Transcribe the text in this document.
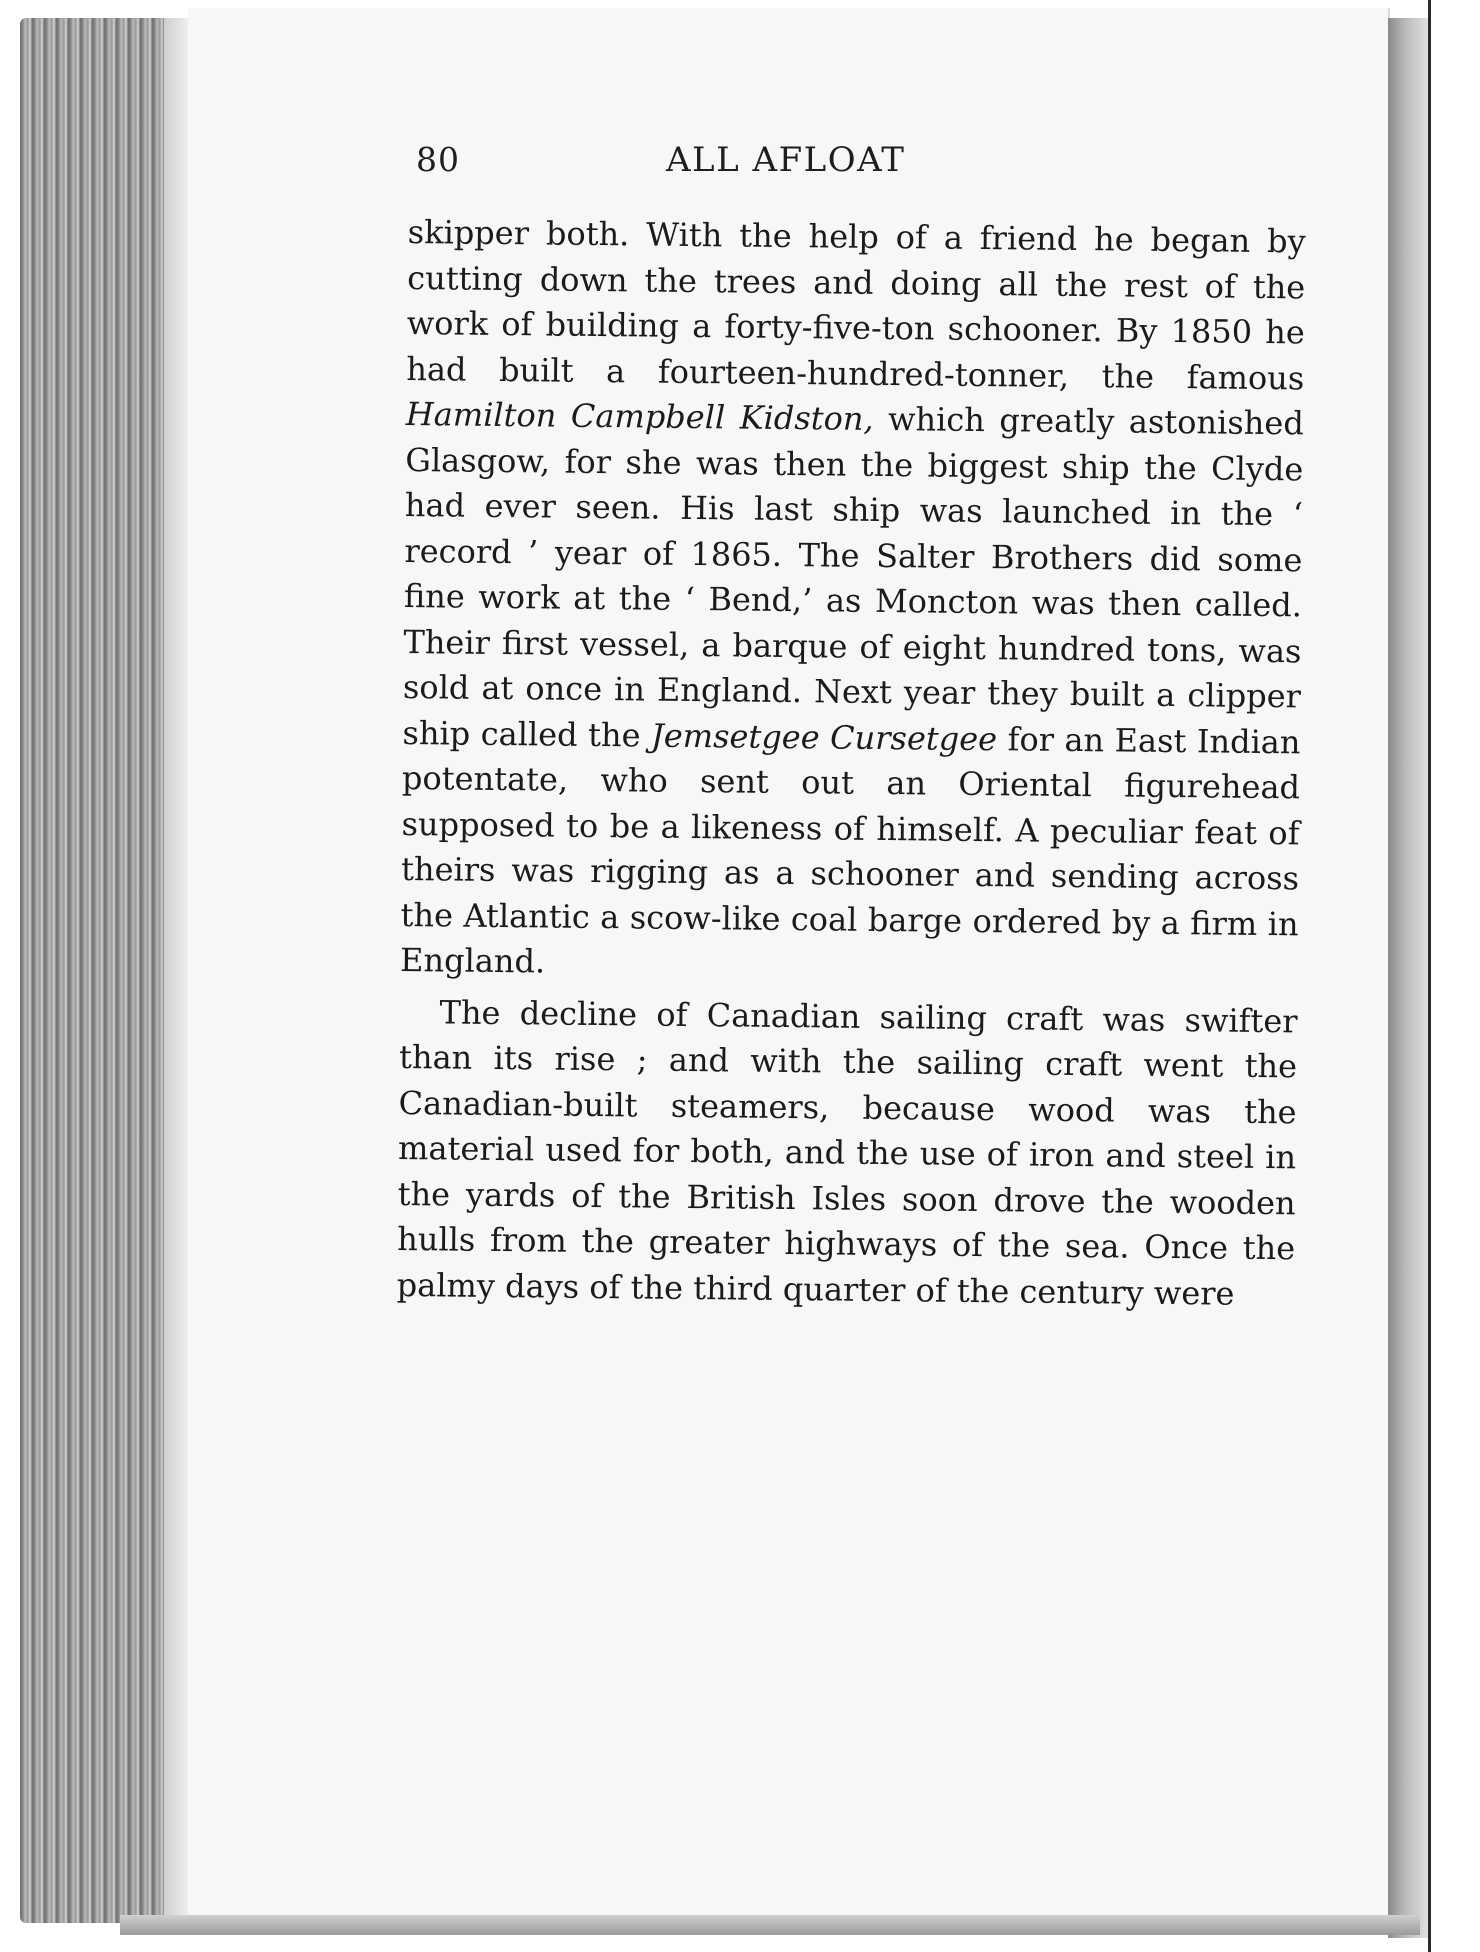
80	ALL AFLOAT

skipper both. With the help of a friend he began by cutting down the trees and doing all the rest of the work of building a forty-five-ton schooner. By 1850 he had built a fourteen-hundred-tonner, the famous Hamilton Campbell Kidston, which greatly astonished Glasgow, for she was then the biggest ship the Clyde had ever seen. His last ship was launched in the ‘ record ’ year of 1865. The Salter Brothers did some fine work at the ‘ Bend,’ as Moncton was then called. Their first vessel, a barque of eight hundred tons, was sold at once in England. Next year they built a clipper ship called the Jemsetgee Cursetgee for an East Indian potentate, who sent out an Oriental figurehead supposed to be a likeness of himself. A peculiar feat of theirs was rigging as a schooner and sending across the Atlantic a scow-like coal barge ordered by a firm in England.

The decline of Canadian sailing craft was swifter than its rise ; and with the sailing craft went the Canadian-built steamers, because wood was the material used for both, and the use of iron and steel in the yards of the British Isles soon drove the wooden hulls from the greater highways of the sea. Once the palmy days of the third quarter of the century were
